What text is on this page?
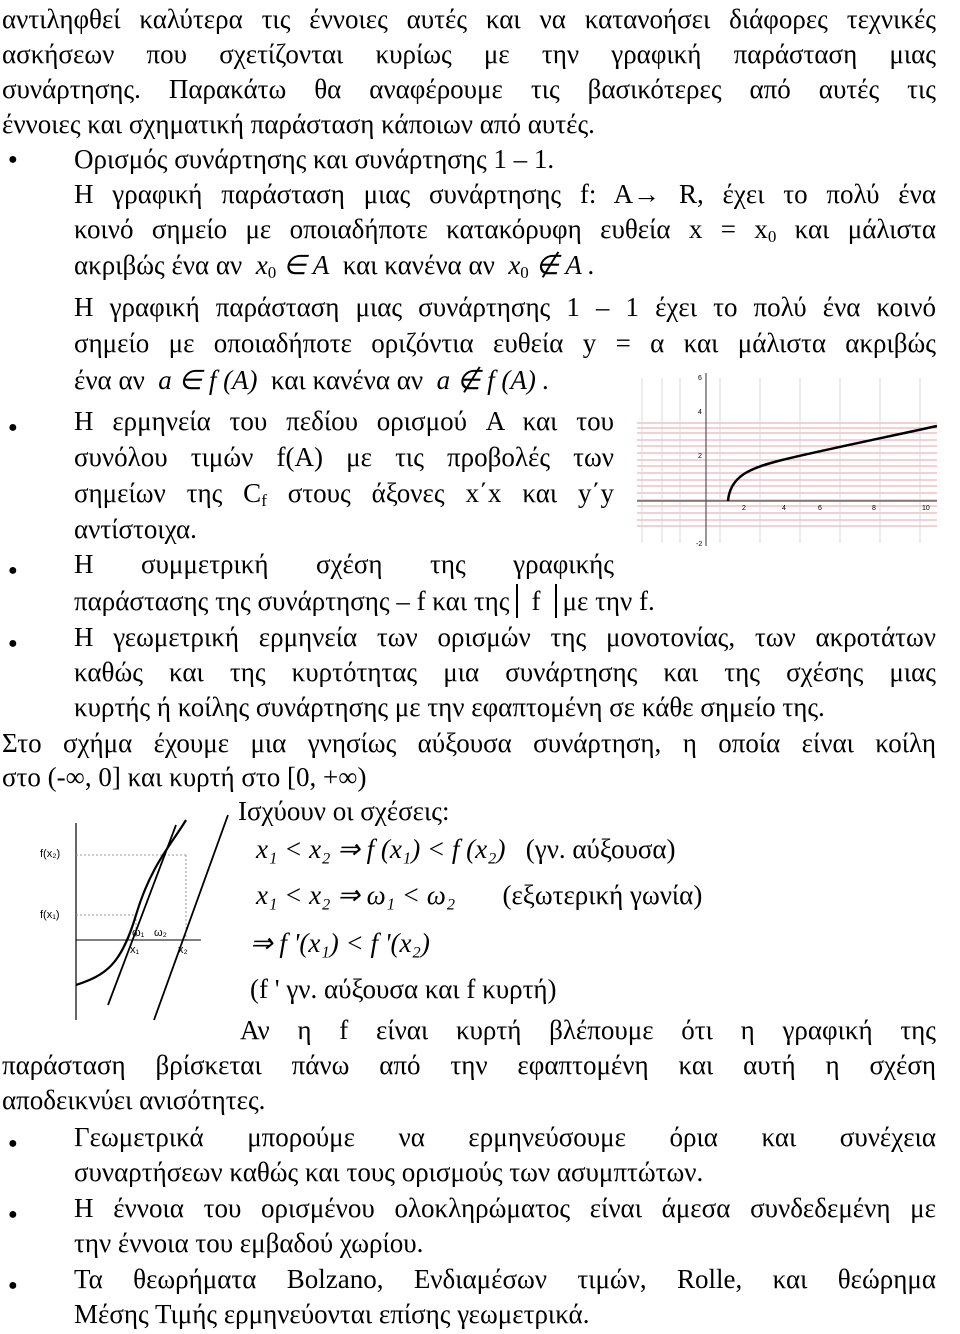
αντιληφθεί καλύτερα τις έννοιες αυτές και να κατανοήσει διάφορες τεχνικές
ασκήσεων που σχετίζονται κυρίως με την γραφική παράσταση μιας
συνάρτησης. Παρακάτω θα αναφέρουμε τις βασικότερες από αυτές τις
έννοιες και σχηματική παράσταση κάποιων από αυτές.
● Ορισμός συνάρτησης και συνάρτησης 1 – 1.
Η γραφική παράσταση μιας συνάρτησης f: A→ R, έχει το πολύ ένα
κοινό σημείο με οποιαδήποτε κατακόρυφη ευθεία $x = x_0$ και μάλιστα
ακριβώς ένα αν $x_0$ ∈ A και κανένα αν $x_0$ ∉ A .
Η γραφική παράσταση μιας συνάρτησης 1 – 1 έχει το πολύ ένα κοινό
σημείο με οποιαδήποτε οριζόντια ευθεία y = α και μάλιστα ακριβώς
ένα αν a ∈ f (A) και κανένα αν a ∉ f (A) .	6
4
2
-2
2	4	6	8	10
● Η ερμηνεία του πεδίου ορισμού A και του
συνόλου τιμών f(A) με τις προβολές των
σημείων της $C_f$ στους άξονες x΄x και y΄y
αντίστοιχα.
● Η συμμετρική σχέση της γραφικής
παράστασης της συνάρτησης – f και της f με την f.
● Η γεωμετρική ερμηνεία των ορισμών της μονοτονίας, των ακροτάτων
καθώς και της κυρτότητας μια συνάρτησης και της σχέσης μιας
κυρτής ή κοίλης συνάρτησης με την εφαπτομένη σε κάθε σημείο της.
Στο σχήμα έχουμε μια γνησίως αύξουσα συνάρτηση, η οποία είναι κοίλη
στο (-∞, 0] και κυρτή στο [0, +∞)
f(x₂)
f(x₁)
ω₁ ω₂
x₁	x₂
Ισχύουν οι σχέσεις:
x₁ < x₂ ⇒ f (x₁) < f (x₂) (γν. αύξουσα)
x₁ < x₂ ⇒ ω₁ < ω₂ (εξωτερική γωνία)
⇒ f '(x₁) < f '(x₂)
(f ' γν. αύξουσα και f κυρτή)
Αν η f είναι κυρτή βλέπουμε ότι η γραφική της
παράσταση βρίσκεται πάνω από την εφαπτομένη και αυτή η σχέση
αποδεικνύει ανισότητες.
● Γεωμετρικά μπορούμε να ερμηνεύσουμε όρια και συνέχεια
συναρτήσεων καθώς και τους ορισμούς των ασυμπτώτων.
● Η έννοια του ορισμένου ολοκληρώματος είναι άμεσα συνδεδεμένη με
την έννοια του εμβαδού χωρίου.
● Τα θεωρήματα Bolzano, Ενδιαμέσων τιμών, Rolle, και θεώρημα
Μέσης Τιμής ερμηνεύονται επίσης γεωμετρικά.
